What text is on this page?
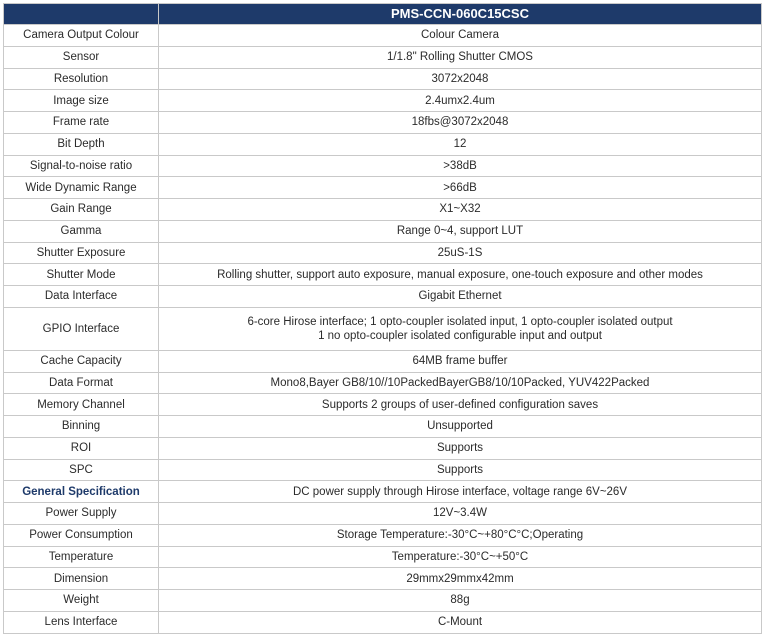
	PMS-CCN-060C15CSC
Camera Output Colour	Colour Camera
Sensor	1/1.8" Rolling Shutter CMOS
Resolution	3072x2048
Image size	2.4umx2.4um
Frame rate	18fbs@3072x2048
Bit Depth	12
Signal-to-noise ratio	>38dB
Wide Dynamic Range	>66dB
Gain Range	X1~X32
Gamma	Range 0~4, support LUT
Shutter Exposure	25uS-1S
Shutter Mode	Rolling shutter, support auto exposure, manual exposure, one-touch exposure and other modes
Data Interface	Gigabit Ethernet
GPIO Interface	6-core Hirose interface; 1 opto-coupler isolated input, 1 opto-coupler isolated output
1 no opto-coupler isolated configurable input and output

Cache Capacity	64MB frame buffer
Data Format	Mono8,Bayer GB8/10//10PackedBayerGB8/10/10Packed, YUV422Packed
Memory Channel	Supports 2 groups of user-defined configuration saves
Binning	Unsupported
ROI	Supports
SPC	Supports
General Specification	DC power supply through Hirose interface, voltage range 6V~26V
Power Supply	12V~3.4W
Power Consumption	Storage Temperature:-30°C~+80°C°C;Operating
Temperature	Temperature:-30°C~+50°C
Dimension	29mmx29mmx42mm
Weight	88g
Lens Interface	C-Mount
